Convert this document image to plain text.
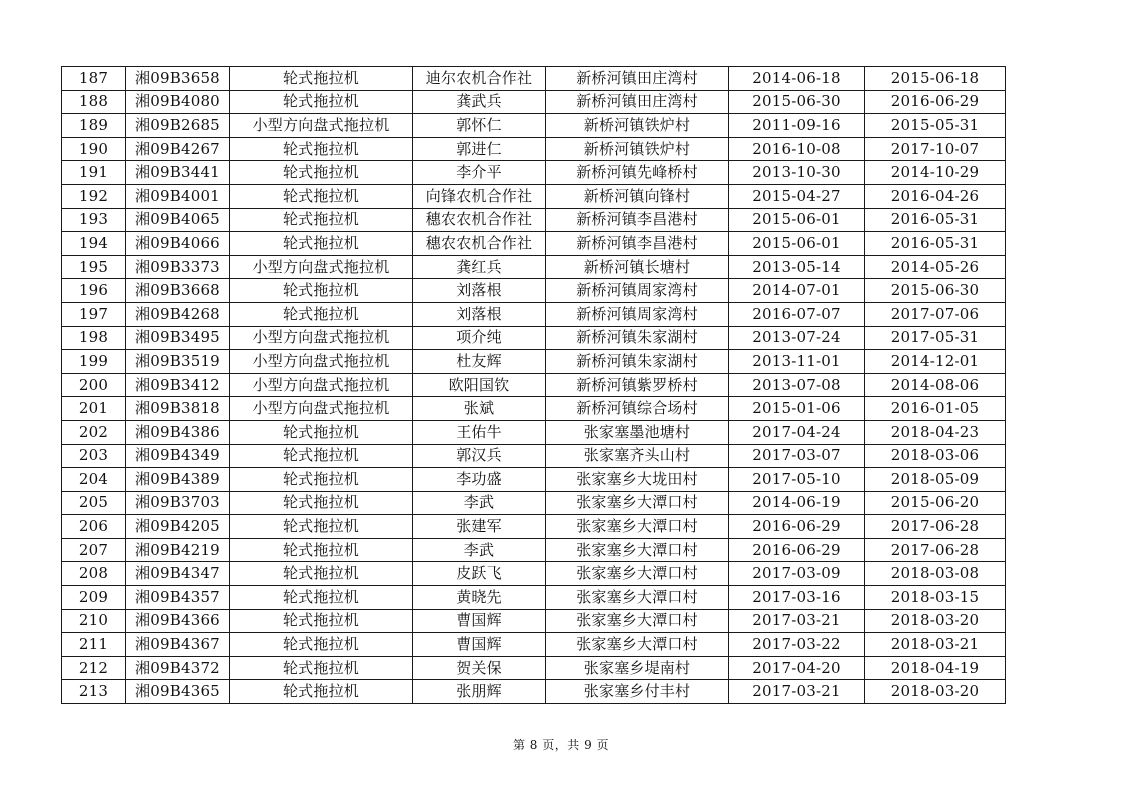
187	湘09B3658	轮式拖拉机	迪尔农机合作社	新桥河镇田庄湾村	2014-06-18	2015-06-18
188	湘09B4080	轮式拖拉机	龚武兵	新桥河镇田庄湾村	2015-06-30	2016-06-29
189	湘09B2685	小型方向盘式拖拉机	郭怀仁	新桥河镇铁炉村	2011-09-16	2015-05-31
190	湘09B4267	轮式拖拉机	郭进仁	新桥河镇铁炉村	2016-10-08	2017-10-07
191	湘09B3441	轮式拖拉机	李介平	新桥河镇先峰桥村	2013-10-30	2014-10-29
192	湘09B4001	轮式拖拉机	向锋农机合作社	新桥河镇向锋村	2015-04-27	2016-04-26
193	湘09B4065	轮式拖拉机	穗农农机合作社	新桥河镇李昌港村	2015-06-01	2016-05-31
194	湘09B4066	轮式拖拉机	穗农农机合作社	新桥河镇李昌港村	2015-06-01	2016-05-31
195	湘09B3373	小型方向盘式拖拉机	龚红兵	新桥河镇长塘村	2013-05-14	2014-05-26
196	湘09B3668	轮式拖拉机	刘落根	新桥河镇周家湾村	2014-07-01	2015-06-30
197	湘09B4268	轮式拖拉机	刘落根	新桥河镇周家湾村	2016-07-07	2017-07-06
198	湘09B3495	小型方向盘式拖拉机	项介纯	新桥河镇朱家湖村	2013-07-24	2017-05-31
199	湘09B3519	小型方向盘式拖拉机	杜友辉	新桥河镇朱家湖村	2013-11-01	2014-12-01
200	湘09B3412	小型方向盘式拖拉机	欧阳国钦	新桥河镇紫罗桥村	2013-07-08	2014-08-06
201	湘09B3818	小型方向盘式拖拉机	张斌	新桥河镇综合场村	2015-01-06	2016-01-05
202	湘09B4386	轮式拖拉机	王佑牛	张家塞墨池塘村	2017-04-24	2018-04-23
203	湘09B4349	轮式拖拉机	郭汉兵	张家塞齐头山村	2017-03-07	2018-03-06
204	湘09B4389	轮式拖拉机	李功盛	张家塞乡大垅田村	2017-05-10	2018-05-09
205	湘09B3703	轮式拖拉机	李武	张家塞乡大潭口村	2014-06-19	2015-06-20
206	湘09B4205	轮式拖拉机	张建军	张家塞乡大潭口村	2016-06-29	2017-06-28
207	湘09B4219	轮式拖拉机	李武	张家塞乡大潭口村	2016-06-29	2017-06-28
208	湘09B4347	轮式拖拉机	皮跃飞	张家塞乡大潭口村	2017-03-09	2018-03-08
209	湘09B4357	轮式拖拉机	黄晓先	张家塞乡大潭口村	2017-03-16	2018-03-15
210	湘09B4366	轮式拖拉机	曹国辉	张家塞乡大潭口村	2017-03-21	2018-03-20
211	湘09B4367	轮式拖拉机	曹国辉	张家塞乡大潭口村	2017-03-22	2018-03-21
212	湘09B4372	轮式拖拉机	贺关保	张家塞乡堤南村	2017-04-20	2018-04-19
213	湘09B4365	轮式拖拉机	张朋辉	张家塞乡付丰村	2017-03-21	2018-03-20
第 8 页，共 9 页
